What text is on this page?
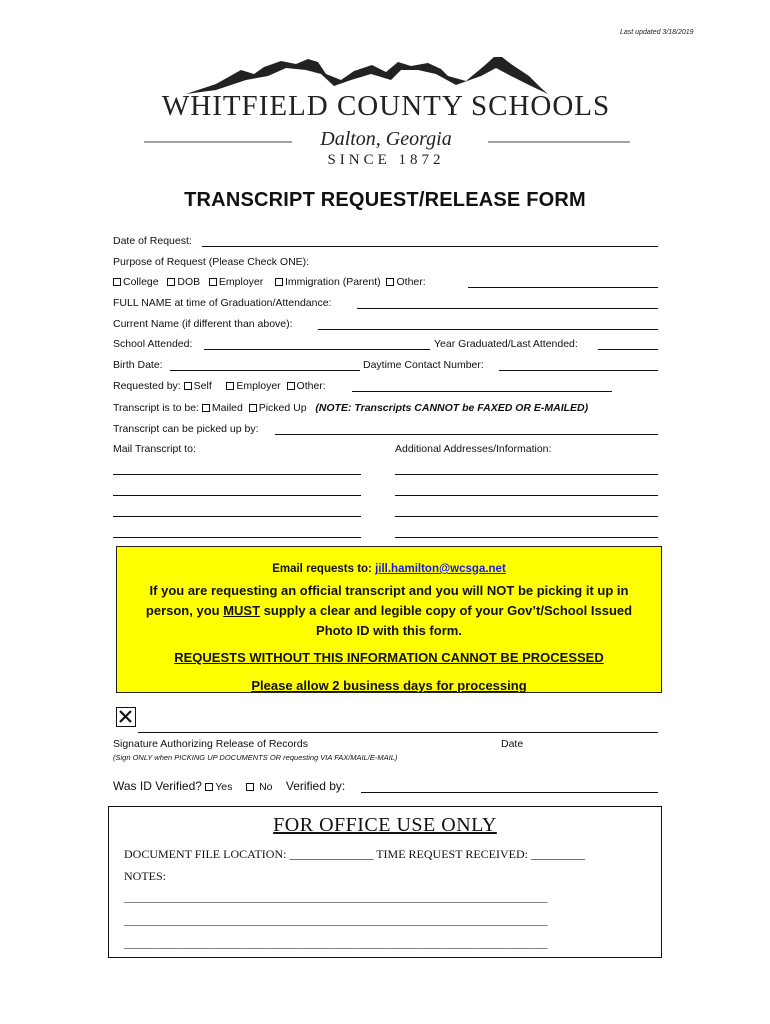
Last updated 3/18/2019
WHITFIELD COUNTY SCHOOLS
Dalton, Georgia
SINCE 1872
TRANSCRIPT REQUEST/RELEASE FORM
Date of Request:
Purpose of Request (Please Check ONE):
College DOB Employer Immigration (Parent) Other:
FULL NAME at time of Graduation/Attendance:
Current Name (if different than above):
School Attended:	Year Graduated/Last Attended:
Birth Date:	Daytime Contact Number:
Requested by: Self Employer Other:
Transcript is to be: Mailed Picked Up (NOTE: Transcripts CANNOT be FAXED OR E-MAILED)
Transcript can be picked up by:
Mail Transcript to:	Additional Addresses/Information:
Email requests to: jill.hamilton@wcsga.net
If you are requesting an official transcript and you will NOT be picking it up in
person, you MUST supply a clear and legible copy of your Gov’t/School Issued
Photo ID with this form.
REQUESTS WITHOUT THIS INFORMATION CANNOT BE PROCESSED
Please allow 2 business days for processing
Signature Authorizing Release of Records	Date
(Sign ONLY when PICKING UP DOCUMENTS OR requesting VIA FAX/MAIL/E-MAIL)
Was ID Verified? Yes	No Verified by:
FOR OFFICE USE ONLY
DOCUMENT FILE LOCATION: ______________ TIME REQUEST RECEIVED: _________
NOTES:
_____________________________________________________________________________
_____________________________________________________________________________
_____________________________________________________________________________
